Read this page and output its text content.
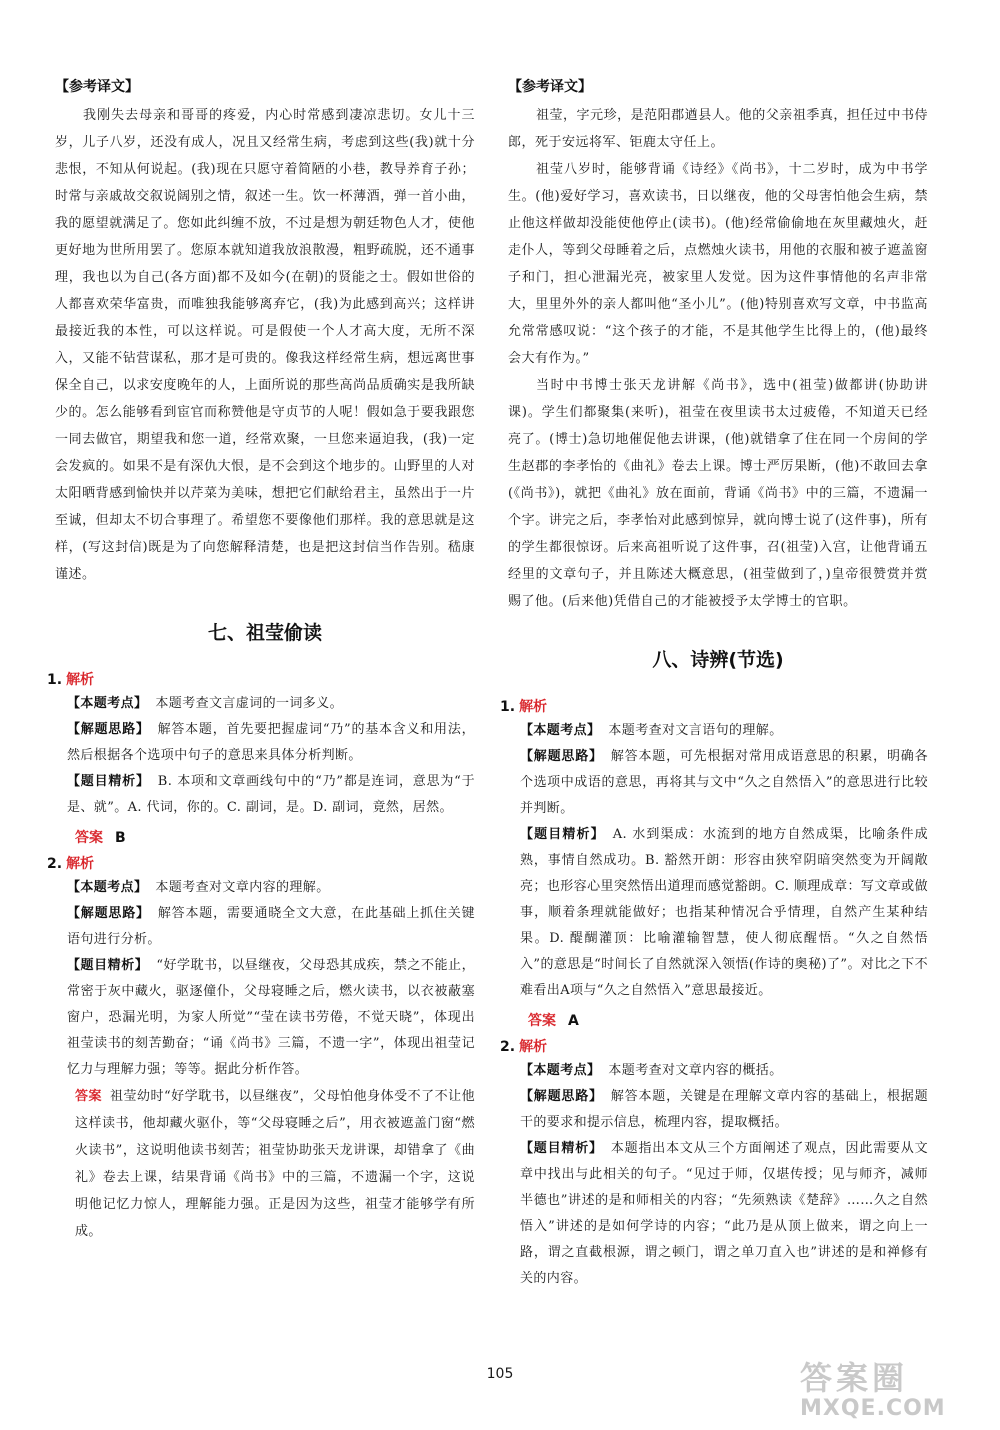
【参考译文】

我刚失去母亲和哥哥的疼爱，内心时常感到凄凉悲切。女儿十三岁，儿子八岁，还没有成人，况且又经常生病，考虑到这些(我)就十分悲恨，不知从何说起。(我)现在只愿守着简陋的小巷，教导养育子孙；时常与亲戚故交叙说阔别之情，叙述一生。饮一杯薄酒，弹一首小曲，我的愿望就满足了。您如此纠缠不放，不过是想为朝廷物色人才，使他更好地为世所用罢了。您原本就知道我放浪散漫，粗野疏脱，还不通事理，我也以为自己(各方面)都不及如今(在朝)的贤能之士。假如世俗的人都喜欢荣华富贵，而唯独我能够离弃它，(我)为此感到高兴；这样讲最接近我的本性，可以这样说。可是假使一个人才高大度，无所不深入，又能不钻营谋私，那才是可贵的。像我这样经常生病，想远离世事保全自己，以求安度晚年的人，上面所说的那些高尚品质确实是我所缺少的。怎么能够看到宦官而称赞他是守贞节的人呢！假如急于要我跟您一同去做官，期望我和您一道，经常欢聚，一旦您来逼迫我，(我)一定会发疯的。如果不是有深仇大恨，是不会到这个地步的。山野里的人对太阳晒背感到愉快并以芹菜为美味，想把它们献给君主，虽然出于一片至诚，但却太不切合事理了。希望您不要像他们那样。我的意思就是这样，(写这封信)既是为了向您解释清楚，也是把这封信当作告别。嵇康谨述。

七、祖莹偷读
1. 解析

【本题考点】 本题考查文言虚词的一词多义。

【解题思路】 解答本题，首先要把握虚词“乃”的基本含义和用法，然后根据各个选项中句子的意思来具体分析判断。

【题目精析】 B. 本项和文章画线句中的“乃”都是连词，意思为“于是、就”。A. 代词，你的。C. 副词，是。D. 副词，竟然，居然。

答案 B
2. 解析

【本题考点】 本题考查对文章内容的理解。

【解题思路】 解答本题，需要通晓全文大意，在此基础上抓住关键语句进行分析。

【题目精析】 “好学耽书，以昼继夜，父母恐其成疾，禁之不能止，常密于灰中藏火，驱逐僮仆，父母寝睡之后，燃火读书，以衣被蔽塞窗户，恐漏光明，为家人所觉”“莹在读书劳倦，不觉天晓”，体现出祖莹读书的刻苦勤奋；“诵《尚书》三篇，不遗一字”，体现出祖莹记忆力与理解力强；等等。据此分析作答。

答案 祖莹幼时“好学耽书，以昼继夜”，父母怕他身体受不了不让他这样读书，他却藏火驱仆，等“父母寝睡之后”，用衣被遮盖门窗“燃火读书”，这说明他读书刻苦；祖莹协助张天龙讲课，却错拿了《曲礼》卷去上课，结果背诵《尚书》中的三篇，不遗漏一个字，这说明他记忆力惊人，理解能力强。正是因为这些，祖莹才能够学有所成。

【参考译文】

祖莹，字元珍，是范阳郡遒县人。他的父亲祖季真，担任过中书侍郎，死于安远将军、钜鹿太守任上。

祖莹八岁时，能够背诵《诗经》《尚书》，十二岁时，成为中书学生。(他)爱好学习，喜欢读书，日以继夜，他的父母害怕他会生病，禁止他这样做却没能使他停止(读书)。(他)经常偷偷地在灰里藏烛火，赶走仆人，等到父母睡着之后，点燃烛火读书，用他的衣服和被子遮盖窗子和门，担心泄漏光亮，被家里人发觉。因为这件事情他的名声非常大，里里外外的亲人都叫他“圣小儿”。(他)特别喜欢写文章，中书监高允常常感叹说：“这个孩子的才能，不是其他学生比得上的，(他)最终会大有作为。”

当时中书博士张天龙讲解《尚书》，选中(祖莹)做都讲(协助讲课)。学生们都聚集(来听)，祖莹在夜里读书太过疲倦，不知道天已经亮了。(博士)急切地催促他去讲课，(他)就错拿了住在同一个房间的学生赵郡的李孝怡的《曲礼》卷去上课。博士严厉果断，(他)不敢回去拿(《尚书》)，就把《曲礼》放在面前，背诵《尚书》中的三篇，不遗漏一个字。讲完之后，李孝怡对此感到惊异，就向博士说了(这件事)，所有的学生都很惊讶。后来高祖听说了这件事，召(祖莹)入宫，让他背诵五经里的文章句子，并且陈述大概意思，(祖莹做到了，)皇帝很赞赏并赏赐了他。(后来他)凭借自己的才能被授予太学博士的官职。

八、诗辨(节选)
1. 解析

【本题考点】 本题考查对文言语句的理解。

【解题思路】 解答本题，可先根据对常用成语意思的积累，明确各个选项中成语的意思，再将其与文中“久之自然悟入”的意思进行比较并判断。

【题目精析】 A. 水到渠成：水流到的地方自然成渠，比喻条件成熟，事情自然成功。B. 豁然开朗：形容由狭窄阴暗突然变为开阔敞亮；也形容心里突然悟出道理而感觉豁朗。C. 顺理成章：写文章或做事，顺着条理就能做好；也指某种情况合乎情理，自然产生某种结果。D. 醍醐灌顶：比喻灌输智慧，使人彻底醒悟。“久之自然悟入”的意思是“时间长了自然就深入领悟(作诗的奥秘)了”。对比之下不难看出A项与“久之自然悟入”意思最接近。

答案 A
2. 解析

【本题考点】 本题考查对文章内容的概括。

【解题思路】 解答本题，关键是在理解文章内容的基础上，根据题干的要求和提示信息，梳理内容，提取概括。

【题目精析】 本题指出本文从三个方面阐述了观点，因此需要从文章中找出与此相关的句子。“见过于师，仅堪传授；见与师齐，减师半德也”讲述的是和师相关的内容；“先须熟读《楚辞》……久之自然悟入”讲述的是如何学诗的内容；“此乃是从顶上做来，谓之向上一路，谓之直截根源，谓之顿门，谓之单刀直入也”讲述的是和禅修有关的内容。

105	答案圈
MXQE.COM
